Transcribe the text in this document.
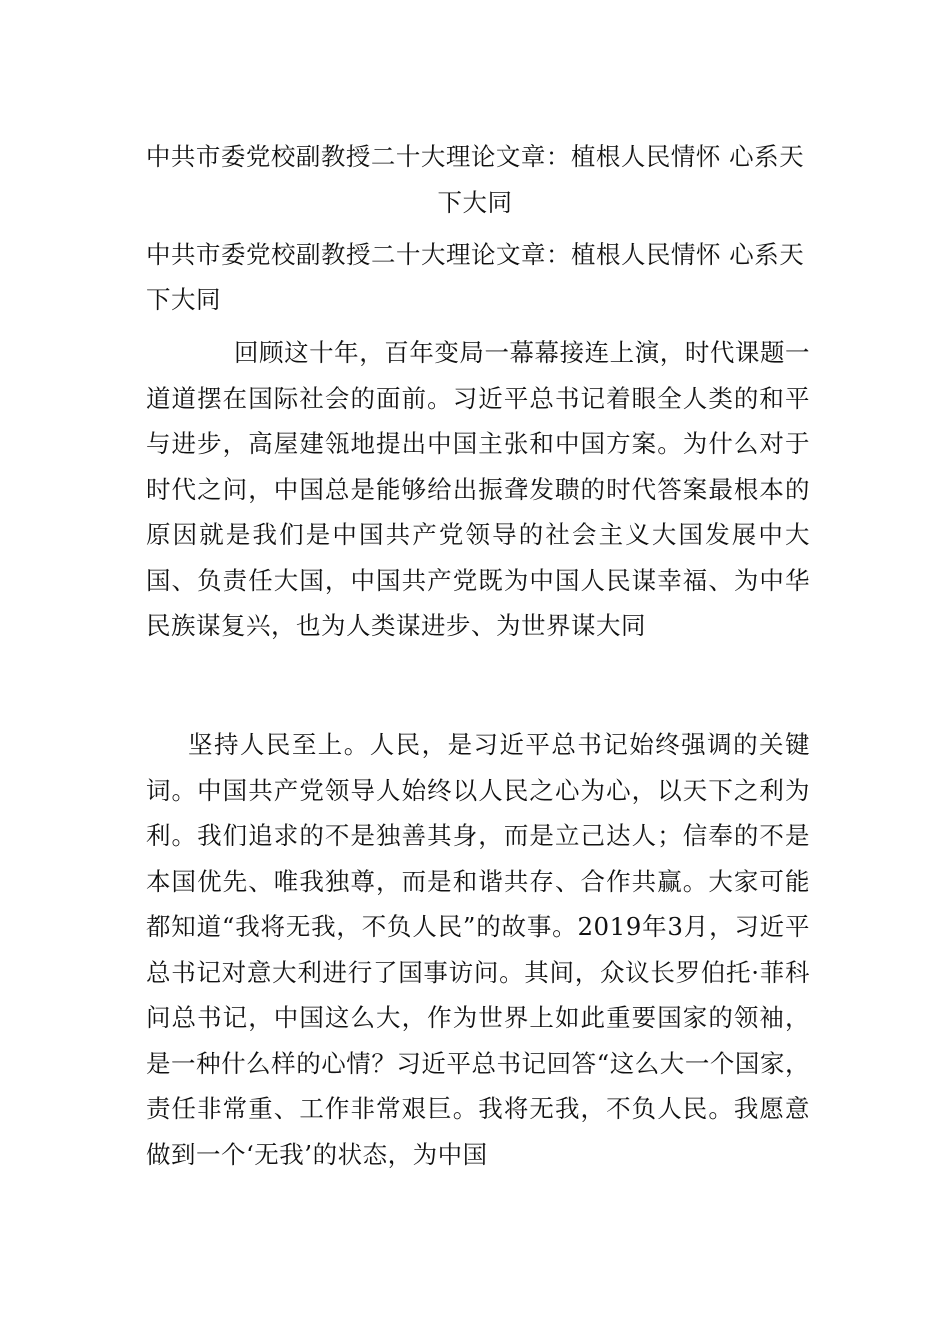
中共市委党校副教授二十大理论文章：植根人民情怀 心系天下大同
中共市委党校副教授二十大理论文章：植根人民情怀 心系天下大同
回顾这十年，百年变局一幕幕接连上演，时代课题一道道摆在国际社会的面前。习近平总书记着眼全人类的和平与进步，高屋建瓴地提出中国主张和中国方案。为什么对于时代之问，中国总是能够给出振聋发聩的时代答案最根本的原因就是我们是中国共产党领导的社会主义大国发展中大国、负责任大国，中国共产党既为中国人民谋幸福、为中华民族谋复兴，也为人类谋进步、为世界谋大同
坚持人民至上。人民，是习近平总书记始终强调的关键词。中国共产党领导人始终以人民之心为心，以天下之利为利。我们追求的不是独善其身，而是立己达人；信奉的不是本国优先、唯我独尊，而是和谐共存、合作共赢。大家可能都知道“我将无我，不负人民”的故事。2019年3月，习近平总书记对意大利进行了国事访问。其间，众议长罗伯托·菲科问总书记，中国这么大，作为世界上如此重要国家的领袖，是一种什么样的心情？习近平总书记回答“这么大一个国家，责任非常重、工作非常艰巨。我将无我，不负人民。我愿意做到一个‘无我’的状态，为中国
